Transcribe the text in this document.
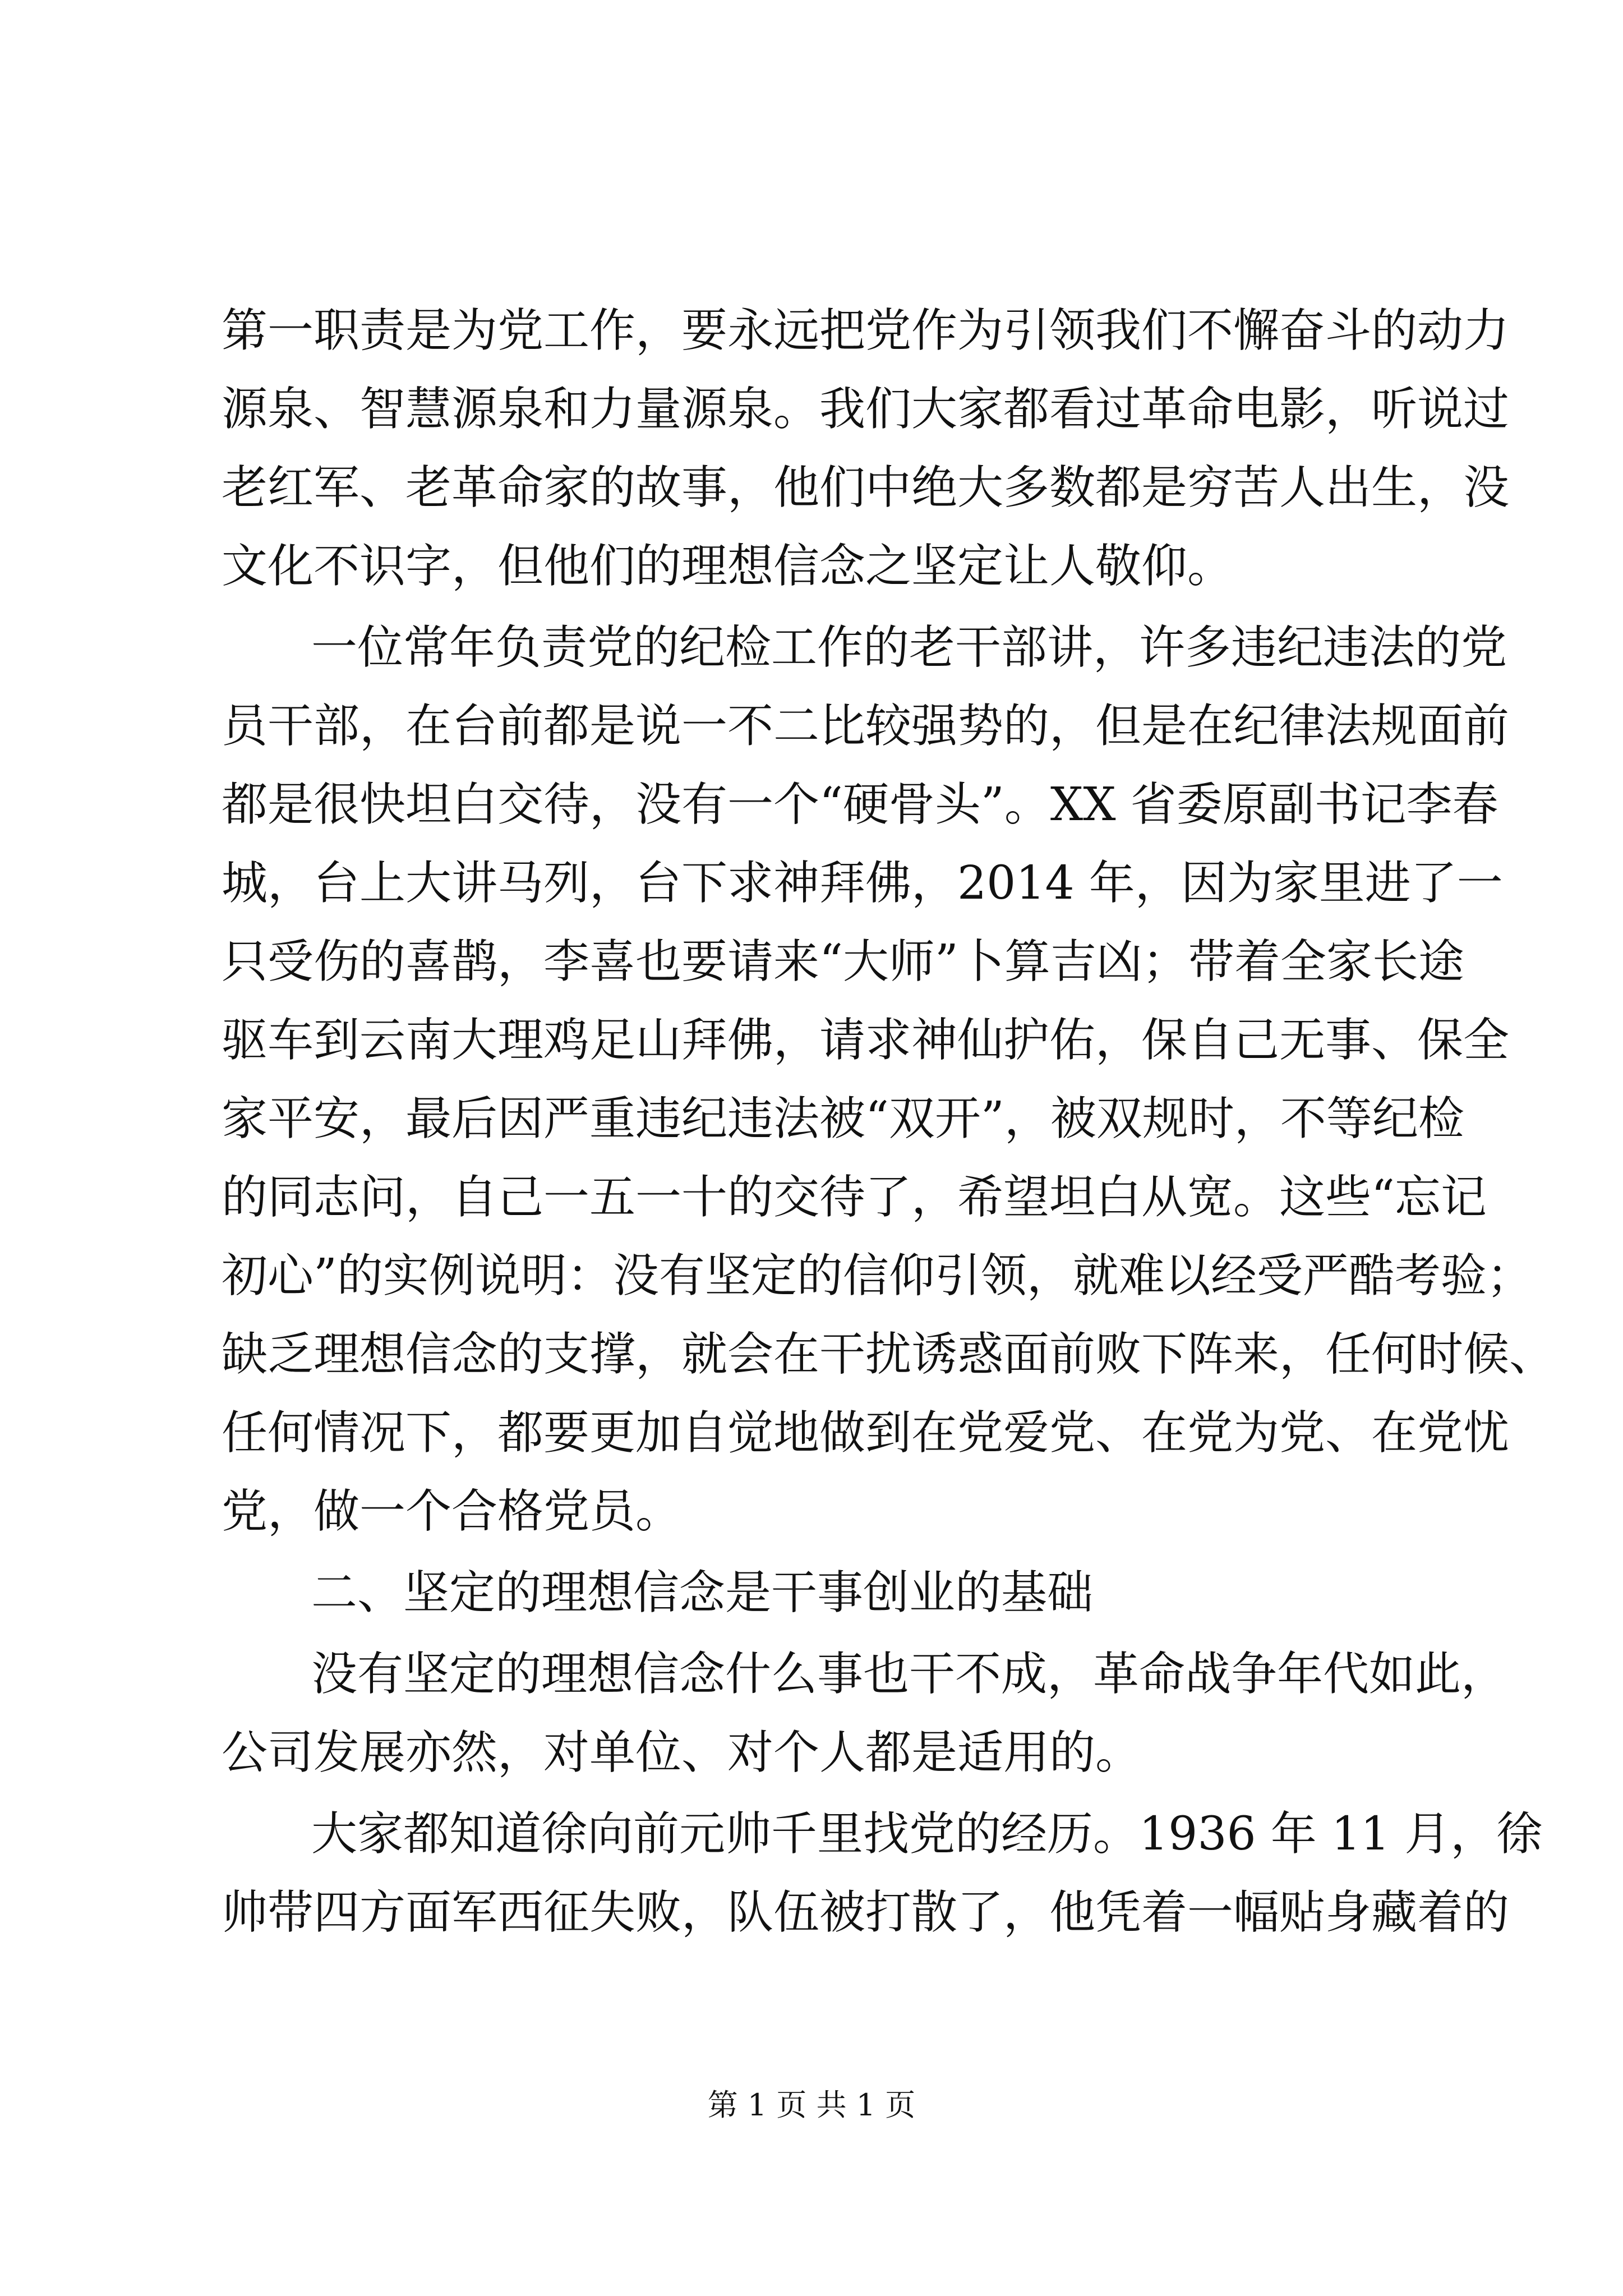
第一职责是为党工作，要永远把党作为引领我们不懈奋斗的动力
源泉、智慧源泉和力量源泉。我们大家都看过革命电影，听说过
老红军、老革命家的故事，他们中绝大多数都是穷苦人出生，没
文化不识字，但他们的理想信念之坚定让人敬仰。
一位常年负责党的纪检工作的老干部讲，许多违纪违法的党
员干部，在台前都是说一不二比较强势的，但是在纪律法规面前
都是很快坦白交待，没有一个“硬骨头”。XX 省委原副书记李春
城，台上大讲马列，台下求神拜佛，2014 年，因为家里进了一
只受伤的喜鹊，李喜也要请来“大师”卜算吉凶；带着全家长途
驱车到云南大理鸡足山拜佛，请求神仙护佑，保自己无事、保全
家平安，最后因严重违纪违法被“双开”，被双规时，不等纪检
的同志问，自己一五一十的交待了，希望坦白从宽。这些“忘记
初心”的实例说明：没有坚定的信仰引领，就难以经受严酷考验；
缺乏理想信念的支撑，就会在干扰诱惑面前败下阵来，任何时候、
任何情况下，都要更加自觉地做到在党爱党、在党为党、在党忧
党，做一个合格党员。
二、坚定的理想信念是干事创业的基础
没有坚定的理想信念什么事也干不成，革命战争年代如此，
公司发展亦然，对单位、对个人都是适用的。
大家都知道徐向前元帅千里找党的经历。1936 年 11 月，徐
帅带四方面军西征失败，队伍被打散了，他凭着一幅贴身藏着的
第 1 页 共 1 页
